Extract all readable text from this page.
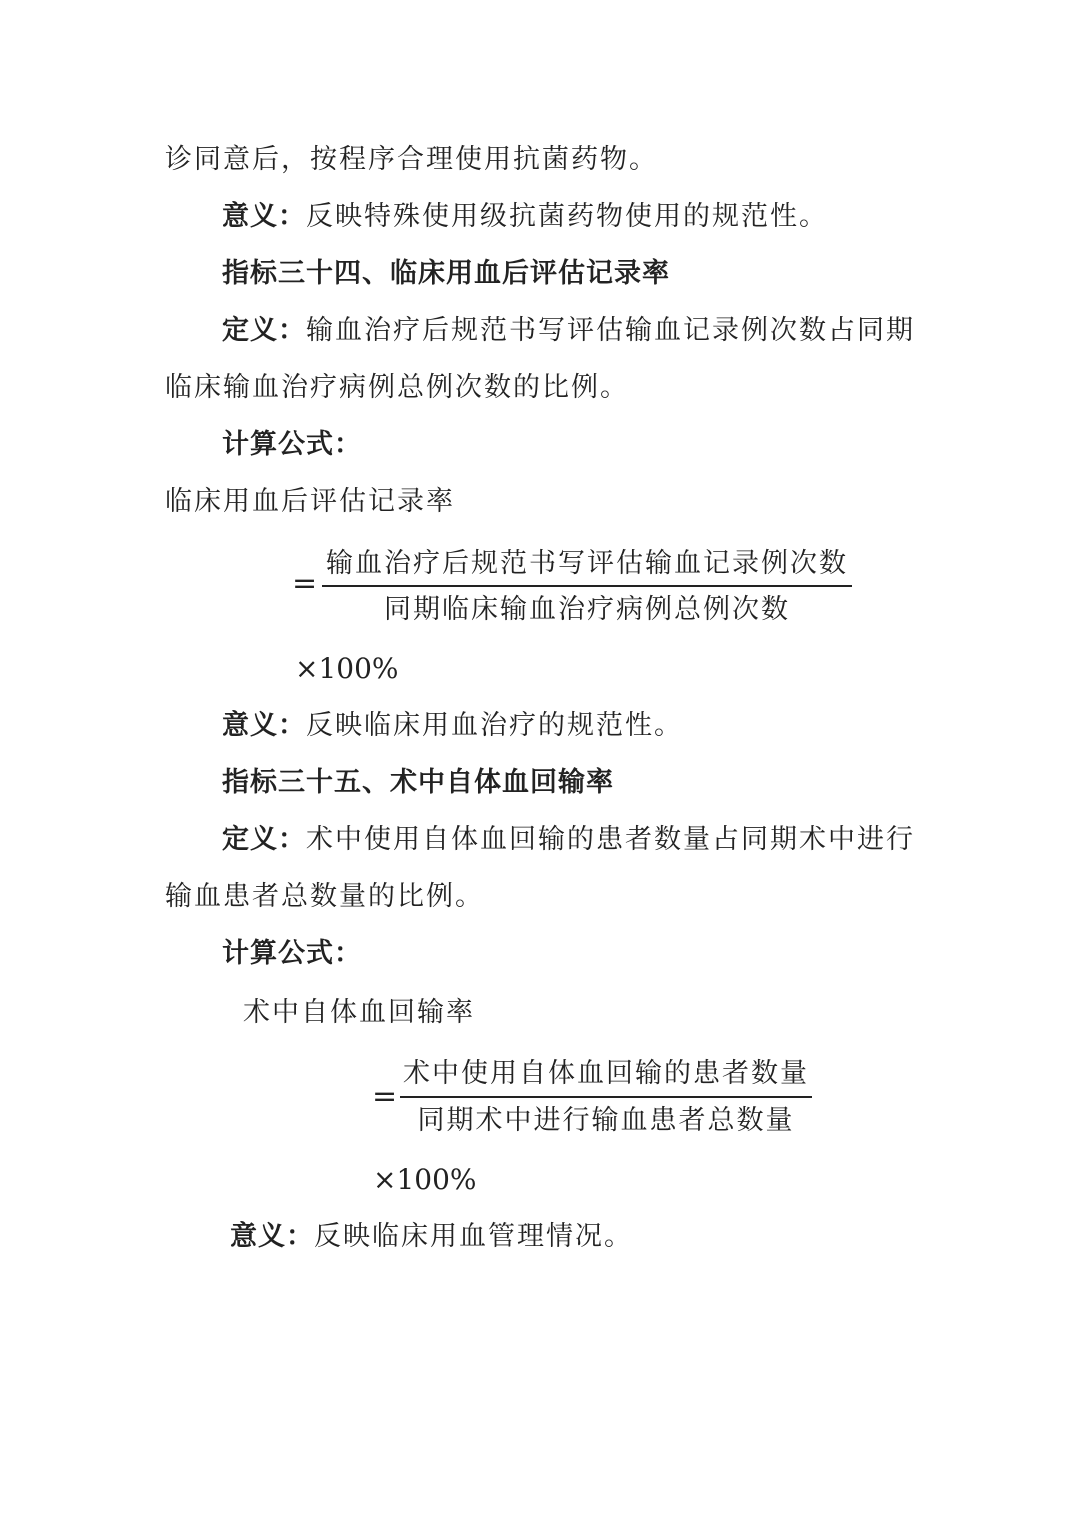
诊同意后，按程序合理使用抗菌药物。
意义：反映特殊使用级抗菌药物使用的规范性。
指标三十四、临床用血后评估记录率
定义：输血治疗后规范书写评估输血记录例次数占同期
临床输血治疗病例总例次数的比例。
计算公式：
临床用血后评估记录率
=
输血治疗后规范书写评估输血记录例次数
同期临床输血治疗病例总例次数
×100%
意义：反映临床用血治疗的规范性。
指标三十五、术中自体血回输率
定义：术中使用自体血回输的患者数量占同期术中进行
输血患者总数量的比例。
计算公式：
术中自体血回输率
=
术中使用自体血回输的患者数量
同期术中进行输血患者总数量
×100%
意义：反映临床用血管理情况。
